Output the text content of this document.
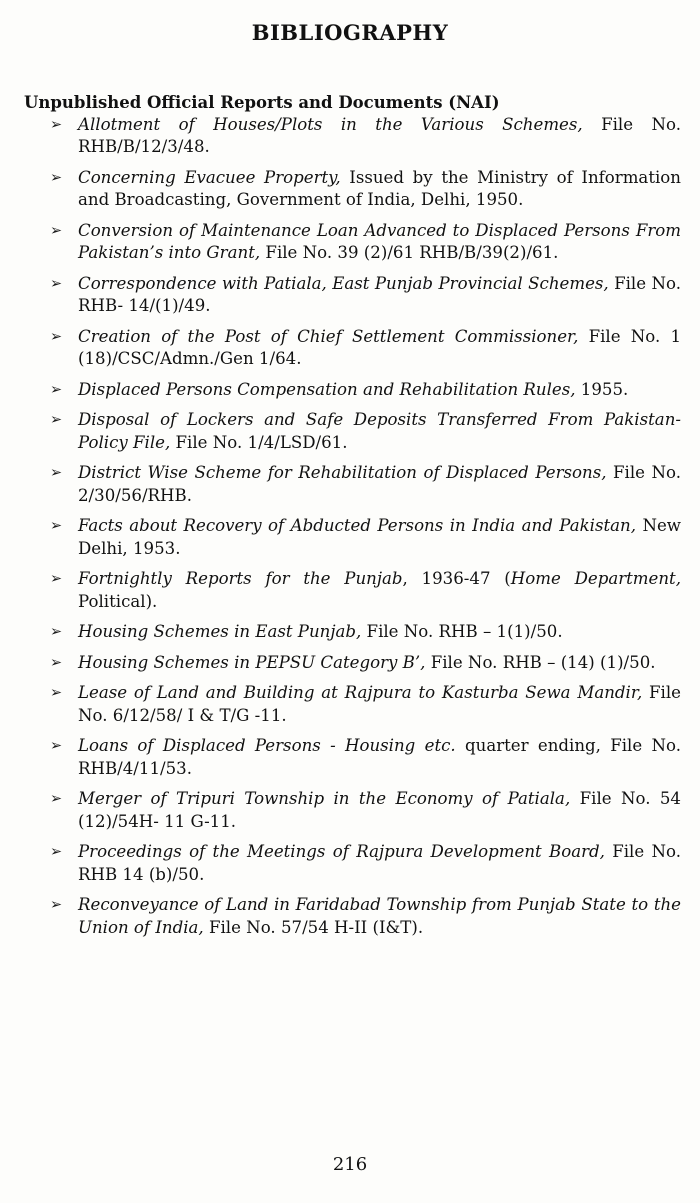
BIBLIOGRAPHY
Unpublished Official Reports and Documents (NAI)
➢ Allotment of Houses/Plots in the Various Schemes, File No. RHB/B/12/3/48.
➢ Concerning Evacuee Property, Issued by the Ministry of Information and Broadcasting, Government of India, Delhi, 1950.
➢ Conversion of Maintenance Loan Advanced to Displaced Persons From Pakistan’s into Grant, File No. 39 (2)/61 RHB/B/39(2)/61.
➢ Correspondence with Patiala, East Punjab Provincial Schemes, File No. RHB- 14/(1)/49.
➢ Creation of the Post of Chief Settlement Commissioner, File No. 1 (18)/CSC/Admn./Gen 1/64.
➢ Displaced Persons Compensation and Rehabilitation Rules, 1955.
➢ Disposal of Lockers and Safe Deposits Transferred From Pakistan-Policy File, File No. 1/4/LSD/61.
➢ District Wise Scheme for Rehabilitation of Displaced Persons, File No. 2/30/56/RHB.
➢ Facts about Recovery of Abducted Persons in India and Pakistan, New Delhi, 1953.
➢ Fortnightly Reports for the Punjab, 1936-47 (Home Department, Political).
➢ Housing Schemes in East Punjab, File No. RHB – 1(1)/50.
➢ Housing Schemes in PEPSU Category B’, File No. RHB – (14) (1)/50.
➢ Lease of Land and Building at Rajpura to Kasturba Sewa Mandir, File No. 6/12/58/ I & T/G -11.
➢ Loans of Displaced Persons - Housing etc. quarter ending, File No. RHB/4/11/53.
➢ Merger of Tripuri Township in the Economy of Patiala, File No. 54 (12)/54H- 11 G-11.
➢ Proceedings of the Meetings of Rajpura Development Board, File No. RHB 14 (b)/50.
➢ Reconveyance of Land in Faridabad Township from Punjab State to the Union of India, File No. 57/54 H-II (I&T).
216
